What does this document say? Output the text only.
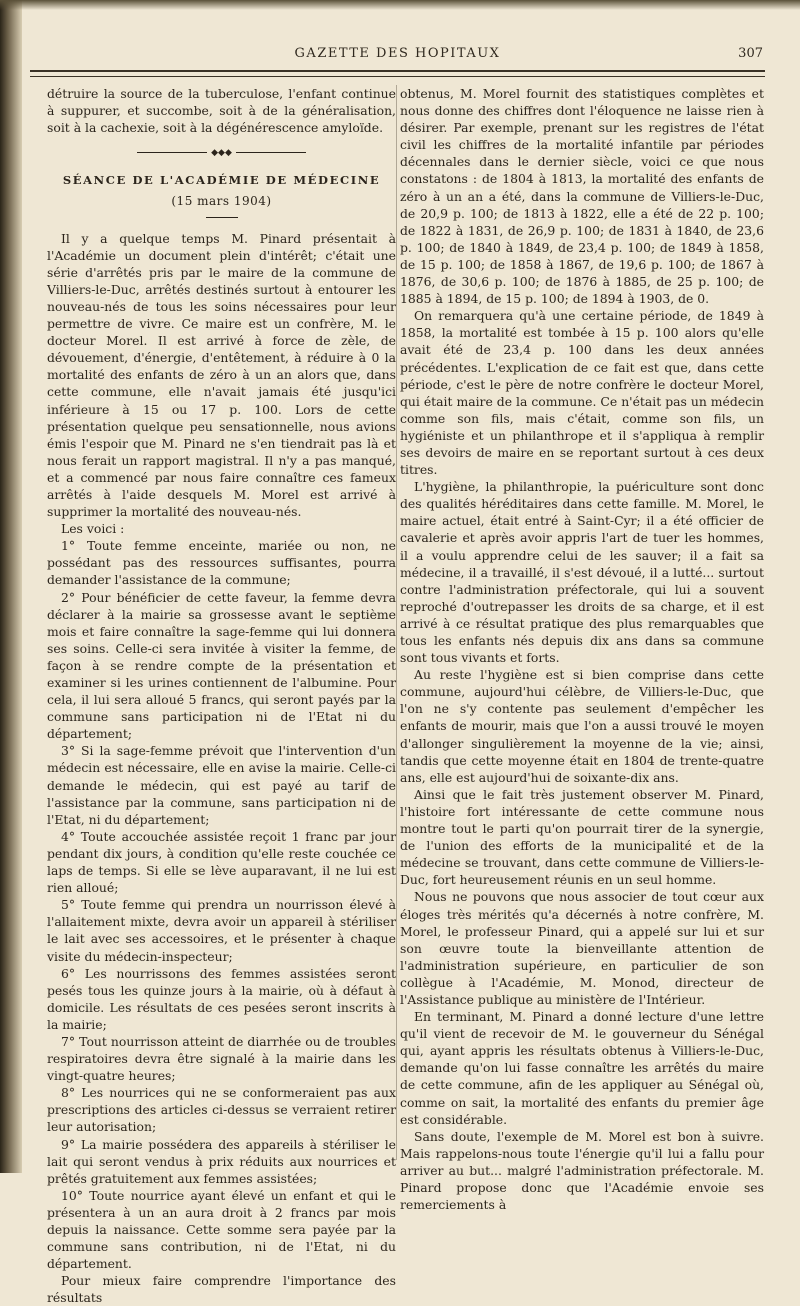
GAZETTE DES HOPITAUX	307

détruire la source de la tuberculose, l'enfant continue à suppurer, et succombe, soit à de la généralisation, soit à la cachexie, soit à la dégénérescence amyloïde.

◆◆◆
SÉANCE DE L'ACADÉMIE DE MÉDECINE
(15 mars 1904)

Il y a quelque temps M. Pinard présentait à l'Académie un document plein d'intérêt; c'était une série d'arrêtés pris par le maire de la commune de Villiers-le-Duc, arrêtés destinés surtout à entourer les nouveau-nés de tous les soins nécessaires pour leur permettre de vivre. Ce maire est un confrère, M. le docteur Morel. Il est arrivé à force de zèle, de dévouement, d'énergie, d'entêtement, à réduire à 0 la mortalité des enfants de zéro à un an alors que, dans cette commune, elle n'avait jamais été jusqu'ici inférieure à 15 ou 17 p. 100. Lors de cette présentation quelque peu sensationnelle, nous avions émis l'espoir que M. Pinard ne s'en tiendrait pas là et nous ferait un rapport magistral. Il n'y a pas manqué, et a commencé par nous faire connaître ces fameux arrêtés à l'aide desquels M. Morel est arrivé à supprimer la mortalité des nouveau-nés.

Les voici :

1° Toute femme enceinte, mariée ou non, ne possédant pas des ressources suffisantes, pourra demander l'assistance de la commune;

2° Pour bénéficier de cette faveur, la femme devra déclarer à la mairie sa grossesse avant le septième mois et faire connaître la sage-femme qui lui donnera ses soins. Celle-ci sera invitée à visiter la femme, de façon à se rendre compte de la présentation et examiner si les urines contiennent de l'albumine. Pour cela, il lui sera alloué 5 francs, qui seront payés par la commune sans participation ni de l'Etat ni du département;

3° Si la sage-femme prévoit que l'intervention d'un médecin est nécessaire, elle en avise la mairie. Celle-ci demande le médecin, qui est payé au tarif de l'assistance par la commune, sans participation ni de l'Etat, ni du département;

4° Toute accouchée assistée reçoit 1 franc par jour pendant dix jours, à condition qu'elle reste couchée ce laps de temps. Si elle se lève auparavant, il ne lui est rien alloué;

5° Toute femme qui prendra un nourrisson élevé à l'allaitement mixte, devra avoir un appareil à stériliser le lait avec ses accessoires, et le présenter à chaque visite du médecin-inspecteur;

6° Les nourrissons des femmes assistées seront pesés tous les quinze jours à la mairie, où à défaut à domicile. Les résultats de ces pesées seront inscrits à la mairie;

7° Tout nourrisson atteint de diarrhée ou de troubles respiratoires devra être signalé à la mairie dans les vingt-quatre heures;

8° Les nourrices qui ne se conformeraient pas aux prescriptions des articles ci-dessus se verraient retirer leur autorisation;

9° La mairie possédera des appareils à stériliser le lait qui seront vendus à prix réduits aux nourrices et prêtés gratuitement aux femmes assistées;

10° Toute nourrice ayant élevé un enfant et qui le présentera à un an aura droit à 2 francs par mois depuis la naissance. Cette somme sera payée par la commune sans contribution, ni de l'Etat, ni du département.

Pour mieux faire comprendre l'importance des résultats

obtenus, M. Morel fournit des statistiques complètes et nous donne des chiffres dont l'éloquence ne laisse rien à désirer. Par exemple, prenant sur les registres de l'état civil les chiffres de la mortalité infantile par périodes décennales dans le dernier siècle, voici ce que nous constatons : de 1804 à 1813, la mortalité des enfants de zéro à un an a été, dans la commune de Villiers-le-Duc, de 20,9 p. 100; de 1813 à 1822, elle a été de 22 p. 100; de 1822 à 1831, de 26,9 p. 100; de 1831 à 1840, de 23,6 p. 100; de 1840 à 1849, de 23,4 p. 100; de 1849 à 1858, de 15 p. 100; de 1858 à 1867, de 19,6 p. 100; de 1867 à 1876, de 30,6 p. 100; de 1876 à 1885, de 25 p. 100; de 1885 à 1894, de 15 p. 100; de 1894 à 1903, de 0.

On remarquera qu'à une certaine période, de 1849 à 1858, la mortalité est tombée à 15 p. 100 alors qu'elle avait été de 23,4 p. 100 dans les deux années précédentes. L'explication de ce fait est que, dans cette période, c'est le père de notre confrère le docteur Morel, qui était maire de la commune. Ce n'était pas un médecin comme son fils, mais c'était, comme son fils, un hygiéniste et un philanthrope et il s'appliqua à remplir ses devoirs de maire en se reportant surtout à ces deux titres.

L'hygiène, la philanthropie, la puériculture sont donc des qualités héréditaires dans cette famille. M. Morel, le maire actuel, était entré à Saint-Cyr; il a été officier de cavalerie et après avoir appris l'art de tuer les hommes, il a voulu apprendre celui de les sauver; il a fait sa médecine, il a travaillé, il s'est dévoué, il a lutté... surtout contre l'administration préfectorale, qui lui a souvent reproché d'outrepasser les droits de sa charge, et il est arrivé à ce résultat pratique des plus remarquables que tous les enfants nés depuis dix ans dans sa commune sont tous vivants et forts.

Au reste l'hygiène est si bien comprise dans cette commune, aujourd'hui célèbre, de Villiers-le-Duc, que l'on ne s'y contente pas seulement d'empêcher les enfants de mourir, mais que l'on a aussi trouvé le moyen d'allonger singulièrement la moyenne de la vie; ainsi, tandis que cette moyenne était en 1804 de trente-quatre ans, elle est aujourd'hui de soixante-dix ans.

Ainsi que le fait très justement observer M. Pinard, l'histoire fort intéressante de cette commune nous montre tout le parti qu'on pourrait tirer de la synergie, de l'union des efforts de la municipalité et de la médecine se trouvant, dans cette commune de Villiers-le-Duc, fort heureusement réunis en un seul homme.

Nous ne pouvons que nous associer de tout cœur aux éloges très mérités qu'a décernés à notre confrère, M. Morel, le professeur Pinard, qui a appelé sur lui et sur son œuvre toute la bienveillante attention de l'administration supérieure, en particulier de son collègue à l'Académie, M. Monod, directeur de l'Assistance publique au ministère de l'Intérieur.

En terminant, M. Pinard a donné lecture d'une lettre qu'il vient de recevoir de M. le gouverneur du Sénégal qui, ayant appris les résultats obtenus à Villiers-le-Duc, demande qu'on lui fasse connaître les arrêtés du maire de cette commune, afin de les appliquer au Sénégal où, comme on sait, la mortalité des enfants du premier âge est considérable.

Sans doute, l'exemple de M. Morel est bon à suivre. Mais rappelons-nous toute l'énergie qu'il lui a fallu pour arriver au but... malgré l'administration préfectorale. M. Pinard propose donc que l'Académie envoie ses remerciements à
